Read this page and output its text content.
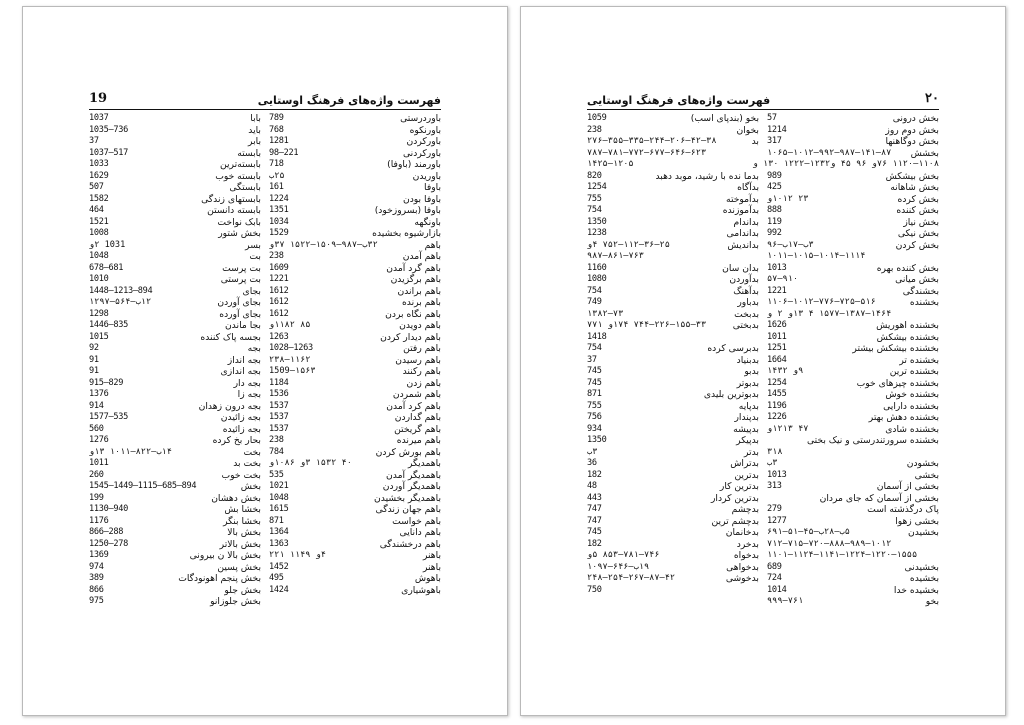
19	فهرست واژه‌های فرهنگ اوستایی
باوردرستی
789
باورنکوه
768
باورکردن
1281
باورکردنی
221—98
باورمند (باوفا)
718
باوریدن
۲۵ب
باوفا
161
باوفا بودن
1224
باوفا (بسروزخود)
1351
باونگهه
1034
بازارشیوه بخشیده
1529
باهم
۳۲ب—۹۸۷—۱۵۰۹—۱۵۲۲ ۳۷و
باهم آمدن
238
باهم گرد آمدن
1609
باهم برگزیدن
1221
باهم براندن
1612
باهم برنده
1612
باهم نگاه بردن
1612
باهم دویدن
۸۵ ۱۱۸۲و
باهم دیدار کردن
1263
باهم رفتن
1263—1028
باهم رسیدن
۱۱۶۲—۲۳۸
باهم رکنند
۱۵۶۳—1509
باهم زدن
1184
باهم شمردن
1536
باهم کرد آمدن
1537
باهم گداردن
1537
باهم گریختن
1537
باهم میرنده
238
باهم بورش کردن
784
باهمدیگر
۴۰ ۱۵۳۲ ۳و ۱۰۸۶و
باهمدیگر آمدن
535
باهمدیگر آوردن
1021
باهمدیگر بخشیدن
1048
باهم جهان زندگی
1615
باهم خواست
871
باهم دانایی
1364
باهم درخشندگی
1363
باهنر
۴و ۱۱۴۹ ۲۲۱
باهنر
1452
باهوش
495
باهوشیاری
1424
بابا
1037
باید
736—1035
بابر
37
بابسته
517—1037
بابسته‌ترین
1033
بابسته خوب
1629
بابستگی
507
بابستهای زندگی
1582
بابسته دانستن
464
بابک نواخت
1521
بخش شتور
1008
بسر
1031 ۲و
بت
1048
بت پرست
681—678
بت پرستی
1010
بجای
894—1213—1448
بجای آوردن
۱۲ب—۵۶۴—۱۲۹۷
بجای آورده
1298
بجا ماندن
835—1446
بجسه پاک کننده
1015
بجه
92
بجه انداز
91
بجه اندازی
91
بجه دار
829—915
بجه زا
1376
بجه درون زهدان
914
بجه زائیدن
535—1577
بجه زائیده
560
بحار بخ کرده
1276
بخت
۱۴ب—۸۲۲—۱۰۱۱ ۱۳و
بخت بد
1011
بخت خوب
260
بخش
894—685—1115—1449—1545
بخش دهشان
199
بخشا بش
940—1130
بخشا بنگر
1176
بخش بالا
288—866
بخش بالاتر
278—1250
بخش بالا ن بیرونی
1369
بخش پسین
974
بخش پنجم اهونودگات
389
بخش جلو
866
بخش جلوزانو
975
۲۰
فهرست واژه‌های فرهنگ اوستایی
بخش درونی
57
بخش دوم روز
1214
بخش دوگاهنها
317
بخشش
۸۷—۱۴۱—۹۸۷—۹۹۲—۱۰۱۲—۱۰۶۵
۱۱۰۸—۱۱۲۰ ۷۶و ۹۶ ۴۵ و۱۲۳۲—۱۲۲۲ ۱۳۰ و
بخش بیشکش
989
بخش شاهانه
425
بخش کرده
۲۳ ۱۰۱۲و
بخش کننده
888
بخش نیاز
119
بخش نیکی
992
بخش کردن
۳ب—۱۷ب—۹۶
۱۱۱۴—۱۰۱۴—۱۰۱۵—۱۰۱۱
بخش کننده بهره
1013
بخش میانی
۹۱۰—۵۷
بخشندگی
1221
بخشنده
۵۱۶—۷۲۵—۷۷۶—۱۰۱۲—۱۱۰۶
۱۴۶۴—۱۳۸۷—۱۵۷۷ ۴ ۱۳و ۲ و
بخشنده اهوریش
1626
بخشنده بیشکش
1011
بخشنده بیشکش بیشتر
1251
بخشنده تر
1664
بخشنده ترین
۹و ۱۴۳۲
بخشنده چیزهای خوب
1254
بخشنده خوش
1455
بخشنده دارایی
1196
بخشنده دهش بهتر
1226
بخشنده شادی
۴۷ ۱۲۱۳و
بخشنده سرورتندرستی و نیک بختی
۳۱۸
بخشودن
۳ب
بخشی
1013
بخشی از آسمان
313
بخشی از آسمان که جای مردان
پاک درگذشته است
279
بخشی زهوا
1277
بخشیدن
۵ب—۲۸ب—۴۵—۵۱—۶۹۱
۱۰۱۲—۹۸۹—۸۸۸—۷۲۰—۷۱۵—۷۱۲
۱۵۵۵—۱۲۲۰—۱۲۲۴—۱۱۴۱—۱۱۲۴—۱۱۰۱
بخشیدنی
689
بخشیده
724
بخشیده خدا
1014
بخو
۷۶۱—۹۹۹
بخو (بندپای اسب)
1059
بخوان
238
بد
۳۸—۴۲—۲۰۶—۲۴۴—۳۳۵—۳۵۵—۲۷۶
۶۲۳—۶۴۶—۶۷۷—۷۷۲—۷۸۱—۷۸۷
۱۲۰۵—۱۴۲۵
بدما نده با رشید، موبد دهبد
820
بدآگاه
1254
بدآموخته
755
بدآموزنده
754
بداندام
1350
بداندامی
1238
بداندیش
۲۵—۳۶—۱۱۲—۷۵۲ ۴و
۷۶۳—۸۶۱—۹۸۷
بدان سان
1160
بدآوردن
1080
بدآهنگ
754
بدباور
749
بدبخت
۷۳—۱۳۸۲
بدبختی
۳۳—۱۵۵—۲۲۶—۷۴۴ ۱۷۴و ۷۷۱
1418
بدبرسی کرده
754
بدبنیاد
37
بدبو
745
بدبوتر
745
بدبوترین بلیدی
871
بدپایه
755
بدپندار
756
بدپیشه
934
بدپیکر
1350
بدتر
۳ب
بدتراش
36
بدترین
182
بدترین کار
48
بدترین کردار
443
بدچشم
747
بدچشم ترین
747
بدخانمان
745
بدخرد
182
بدخواه
۷۴۶—۷۸۱—۸۵۳ ۵و
بدخواهی
۱۹ب—۶۴۶—۱۰۹۷
بدخوشی
۴۲—۸۷—۲۶۷—۲۵۴—۲۴۸
750
